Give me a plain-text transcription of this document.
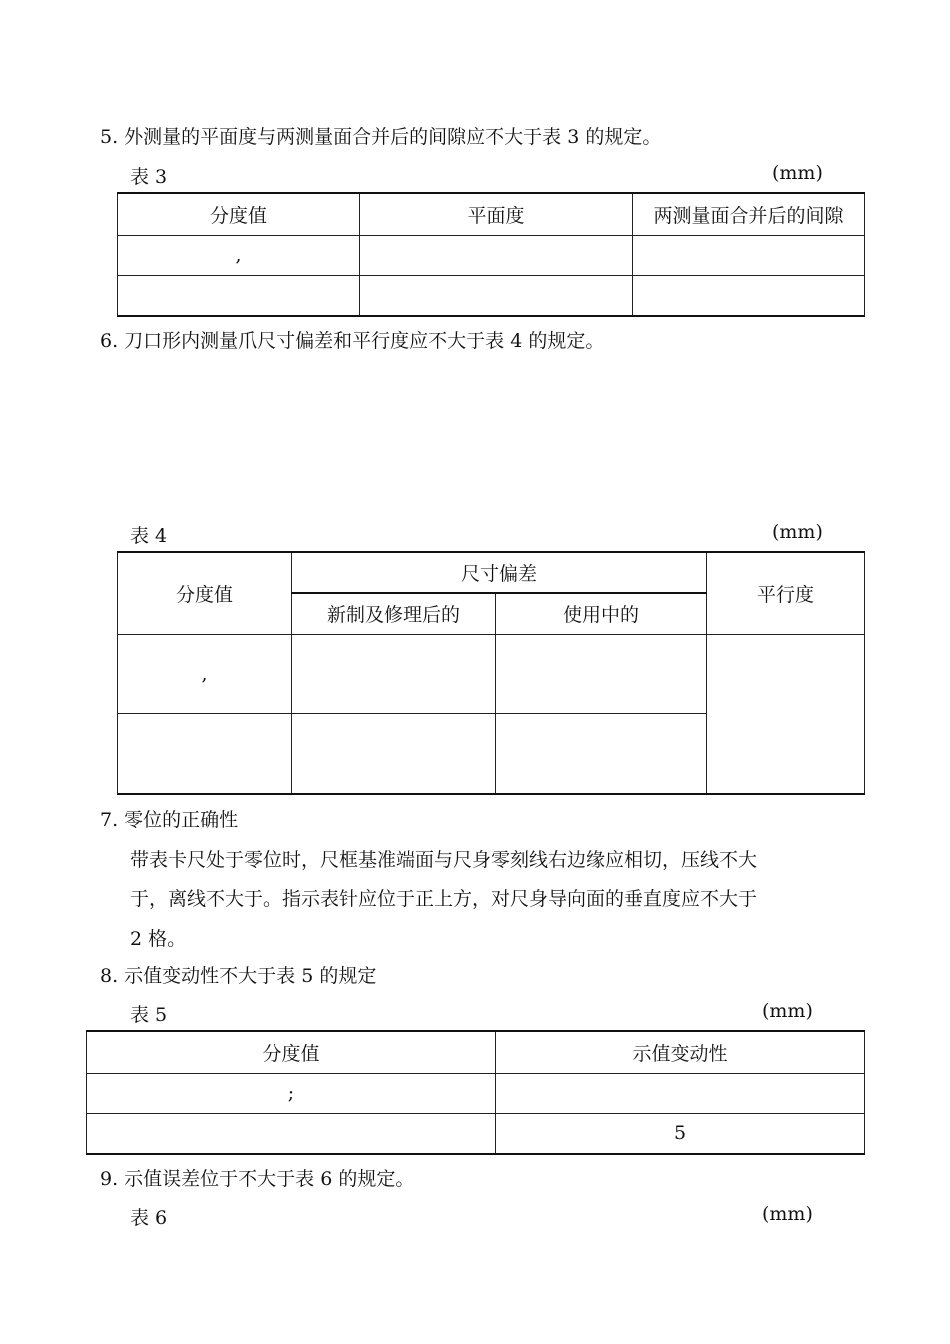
5. 外测量的平面度与两测量面合并后的间隙应不大于表 3 的规定。
表 3	(mm)
分度值	平面度	两测量面合并后的间隙
,		

6. 刀口形内测量爪尺寸偏差和平行度应不大于表 4 的规定。
表 4	(mm)
分度值	尺寸偏差		平行度
	新制及修理后的	使用中的	
,			

7. 零位的正确性
带表卡尺处于零位时，尺框基准端面与尺身零刻线右边缘应相切，压线不大
于，离线不大于。指示表针应位于正上方，对尺身导向面的垂直度应不大于
2 格。
8. 示值变动性不大于表 5 的规定
表 5	(mm)
分度值	示值变动性
;	
	5
9. 示值误差位于不大于表 6 的规定。
表 6	(mm)
